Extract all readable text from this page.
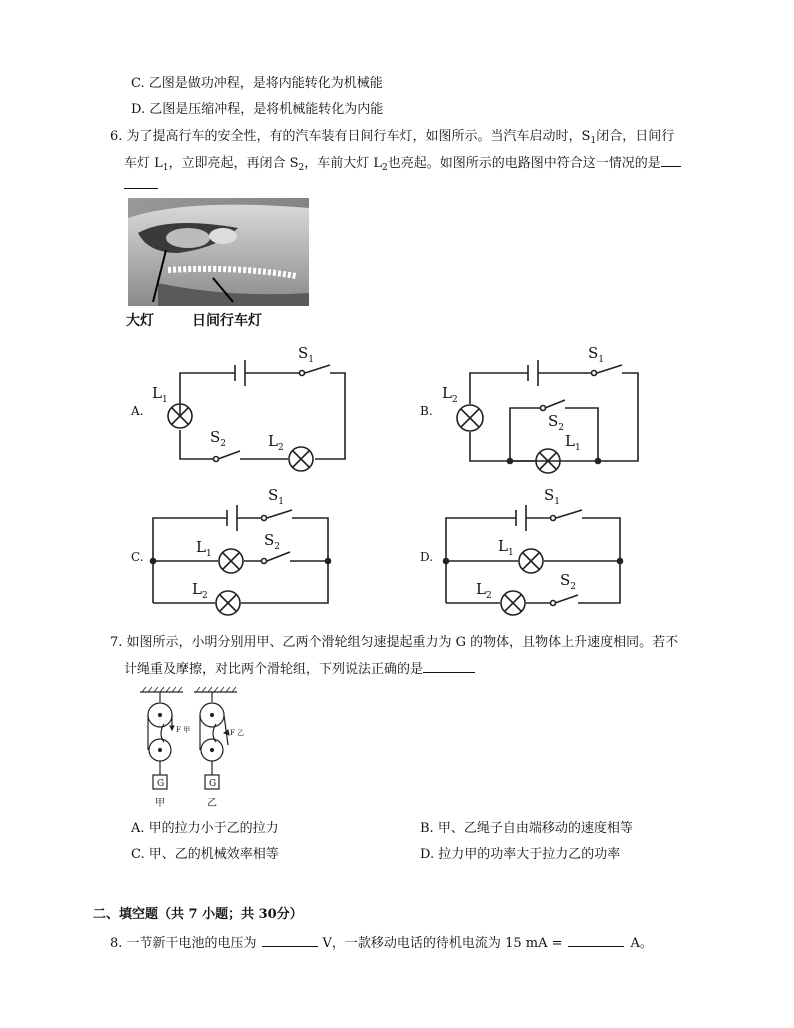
C. 乙图是做功冲程，是将内能转化为机械能
D. 乙图是压缩冲程，是将机械能转化为内能
6. 为了提高行车的安全性，有的汽车装有日间行车灯，如图所示。当汽车启动时，$S_1$闭合，日间行
车灯 $L_1$，立即亮起，再闭合 $S_2$，车前大灯 $L_2$也亮起。如图所示的电路图中符合这一情况的是
大灯	日间行车灯
A.	B.
C.	D.
$L_1$
$S_1$
$S_2$	$L_2$
$L_2$
$S_1$
$S_2$
$L_1$
$S_1$
$L_1$
$S_2$
$L_2$
$S_1$
$L_1$
$S_2$
$L_2$
G	G
F 甲	F 乙
甲	乙
7. 如图所示，小明分别用甲、乙两个滑轮组匀速提起重力为 G 的物体，且物体上升速度相同。若不
计绳重及摩擦，对比两个滑轮组，下列说法正确的是
A. 甲的拉力小于乙的拉力	B. 甲、乙绳子自由端移动的速度相等
C. 甲、乙的机械效率相等	D. 拉力甲的功率大于拉力乙的功率
二、填空题（共 7 小题；共 30分）
8. 一节新干电池的电压为	V，一款移动电话的待机电流为 15 mA =	A。
